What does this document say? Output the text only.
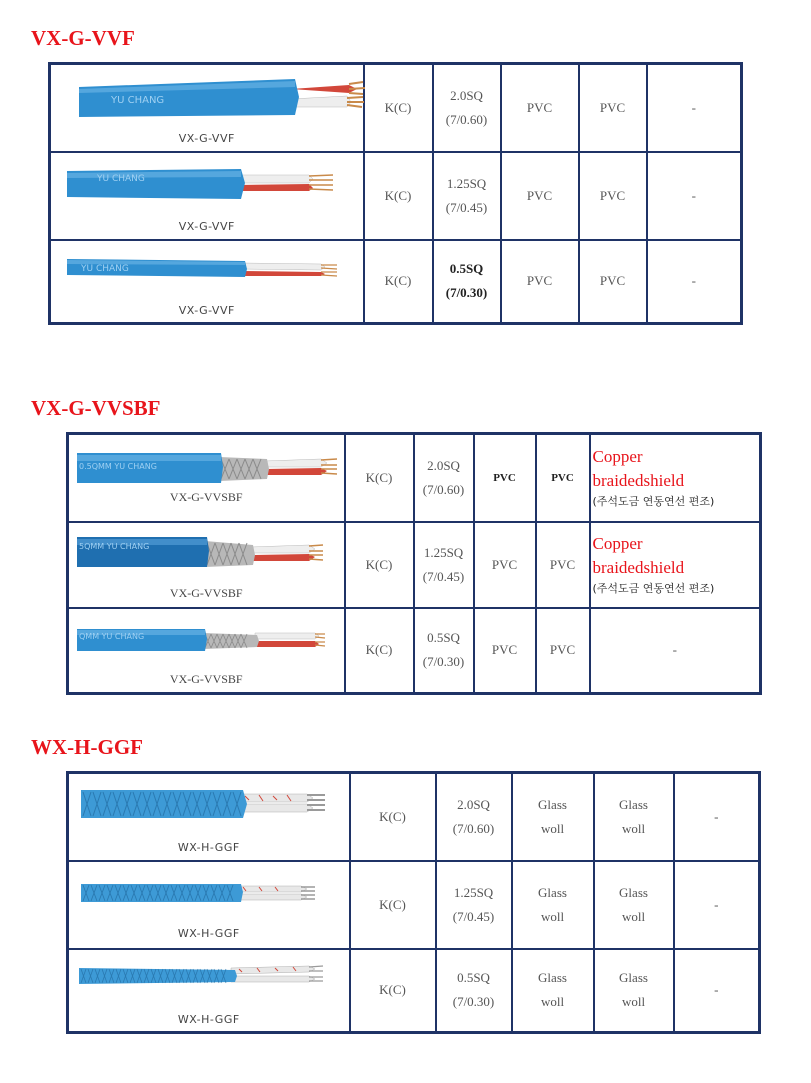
VX-G-VVF
YU CHANG
VX-G-VVF	K(C)	2.0SQ
(7/0.60)	PVC	PVC	-

YU CHANG
VX-G-VVF	K(C)	1.25SQ
(7/0.45)	PVC	PVC	-

YU CHANG
VX-G-VVF	K(C)	0.5SQ
(7/0.30)	PVC	PVC	-
VX-G-VVSBF
0.5QMM YU CHANG
VX-G-VVSBF	K(C)	2.0SQ
(7/0.60)	PVC	PVC	Copper
braidedshield
(주석도금 연동연선 편조)

5QMM YU CHANG
VX-G-VVSBF	K(C)	1.25SQ
(7/0.45)	PVC	PVC	Copper
braidedshield
(주석도금 연동연선 편조)

QMM YU CHANG
VX-G-VVSBF	K(C)	0.5SQ
(7/0.30)	PVC	PVC	-
WX-H-GGF
WX-H-GGF	K(C)	2.0SQ
(7/0.60)	Glass
woll	Glass
woll	-

WX-H-GGF	K(C)	1.25SQ
(7/0.45)	Glass
woll	Glass
woll	-

WX-H-GGF	K(C)	0.5SQ
(7/0.30)	Glass
woll	Glass
woll	-
